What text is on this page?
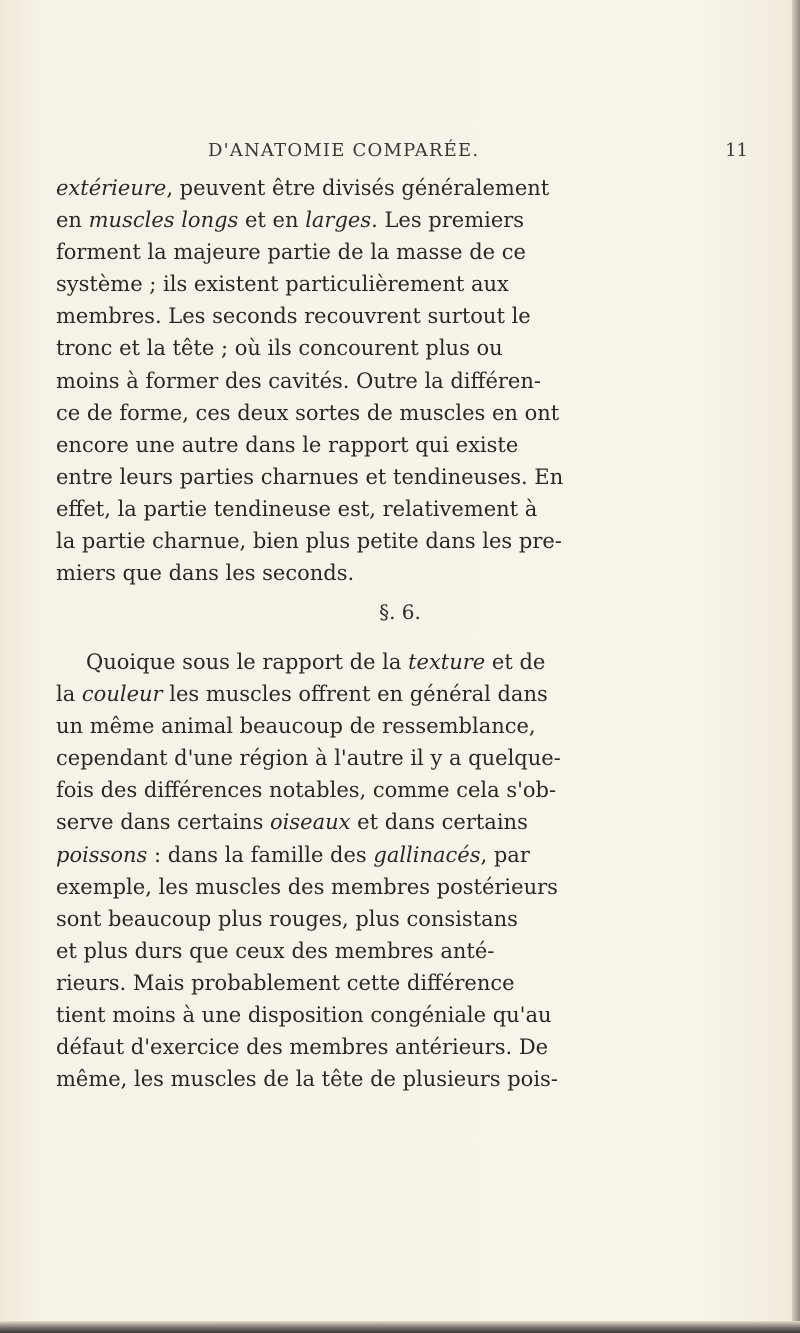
D'ANATOMIE COMPARÉE.	11
extérieure, peuvent être divisés généralement
en muscles longs et en larges. Les premiers
forment la majeure partie de la masse de ce
système ; ils existent particulièrement aux
membres. Les seconds recouvrent surtout le
tronc et la tête ; où ils concourent plus ou
moins à former des cavités. Outre la différen-
ce de forme, ces deux sortes de muscles en ont
encore une autre dans le rapport qui existe
entre leurs parties charnues et tendineuses. En
effet, la partie tendineuse est, relativement à
la partie charnue, bien plus petite dans les pre-
miers que dans les seconds.
§. 6.
Quoique sous le rapport de la texture et de
la couleur les muscles offrent en général dans
un même animal beaucoup de ressemblance,
cependant d'une région à l'autre il y a quelque-
fois des différences notables, comme cela s'ob-
serve dans certains oiseaux et dans certains
poissons : dans la famille des gallinacés, par
exemple, les muscles des membres postérieurs
sont beaucoup plus rouges, plus consistans
et plus durs que ceux des membres anté-
rieurs. Mais probablement cette différence
tient moins à une disposition congéniale qu'au
défaut d'exercice des membres antérieurs. De
même, les muscles de la tête de plusieurs pois-
